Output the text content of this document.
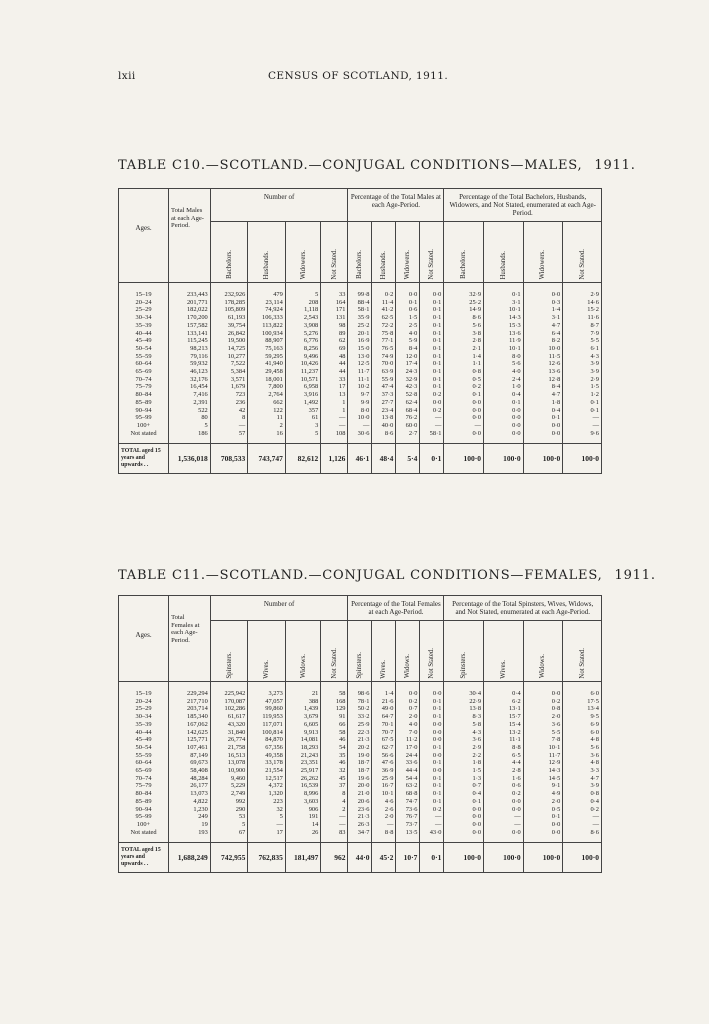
lxii	CENSUS OF SCOTLAND, 1911.
TABLE C10.—SCOTLAND.—CONJUGAL CONDITIONS—MALES, 1911.
Ages.	Total Males at each Age-Period.	Number of				Percentage of the Total Males at each Age-Period.				Percentage of the Total Bachelors, Husbands, Widowers, and Not Stated, enumerated at each Age-Period.			
		Bachelors.	Husbands.	Widowers.	Not Stated.	Bachelors.	Husbands.	Widowers.	Not Stated.	Bachelors.	Husbands.	Widowers.	Not Stated.
15–19	233,443	232,926	479	5	33	99·8	0·2	0·0	0·0	32·9	0·1	0·0	2·9
20–24	201,771	178,285	23,114	208	164	88·4	11·4	0·1	0·1	25·2	3·1	0·3	14·6
25–29	182,022	105,809	74,924	1,118	171	58·1	41·2	0·6	0·1	14·9	10·1	1·4	15·2
30–34	170,200	61,193	106,333	2,543	131	35·9	62·5	1·5	0·1	8·6	14·3	3·1	11·6
35–39	157,582	39,754	113,822	3,908	98	25·2	72·2	2·5	0·1	5·6	15·3	4·7	8·7
40–44	133,141	26,842	100,934	5,276	89	20·1	75·8	4·0	0·1	3·8	13·6	6·4	7·9
45–49	115,245	19,500	88,907	6,776	62	16·9	77·1	5·9	0·1	2·8	11·9	8·2	5·5
50–54	98,213	14,725	75,163	8,256	69	15·0	76·5	8·4	0·1	2·1	10·1	10·0	6·1
55–59	79,116	10,277	59,295	9,496	48	13·0	74·9	12·0	0·1	1·4	8·0	11·5	4·3
60–64	59,932	7,522	41,940	10,426	44	12·5	70·0	17·4	0·1	1·1	5·6	12·6	3·9
65–69	46,123	5,384	29,458	11,237	44	11·7	63·9	24·3	0·1	0·8	4·0	13·6	3·9
70–74	32,176	3,571	18,001	10,571	33	11·1	55·9	32·9	0·1	0·5	2·4	12·8	2·9
75–79	16,454	1,679	7,800	6,958	17	10·2	47·4	42·3	0·1	0·2	1·0	8·4	1·5
80–84	7,416	723	2,764	3,916	13	9·7	37·3	52·8	0·2	0·1	0·4	4·7	1·2
85–89	2,391	236	662	1,492	1	9·9	27·7	62·4	0·0	0·0	0·1	1·8	0·1
90–94	522	42	122	357	1	8·0	23·4	68·4	0·2	0·0	0·0	0·4	0·1
95–99	80	8	11	61	—	10·0	13·8	76·2	—	0·0	0·0	0·1	—
100+	5	—	2	3	—	—	40·0	60·0	—	—	0·0	0·0	—
Not stated	186	57	16	5	108	30·6	8·6	2·7	58·1	0·0	0·0	0·0	9·6
TOTAL aged 15 years and upwards . .	1,536,018	708,533	743,747	82,612	1,126	46·1	48·4	5·4	0·1	100·0	100·0	100·0	100·0
TABLE C11.—SCOTLAND.—CONJUGAL CONDITIONS—FEMALES, 1911.
Ages.	Total Females at each Age-Period.	Number of				Percentage of the Total Females at each Age-Period.				Percentage of the Total Spinsters, Wives, Widows, and Not Stated, enumerated at each Age-Period.			
		Spinsters.	Wives.	Widows.	Not Stated.	Spinsters.	Wives.	Widows.	Not Stated.	Spinsters.	Wives.	Widows.	Not Stated.
15–19	229,294	225,942	3,273	21	58	98·6	1·4	0·0	0·0	30·4	0·4	0·0	6·0
20–24	217,710	170,087	47,057	388	168	78·1	21·6	0·2	0·1	22·9	6·2	0·2	17·5
25–29	203,714	102,286	99,860	1,439	129	50·2	49·0	0·7	0·1	13·8	13·1	0·8	13·4
30–34	185,340	61,617	119,953	3,679	91	33·2	64·7	2·0	0·1	8·3	15·7	2·0	9·5
35–39	167,062	43,320	117,071	6,605	66	25·9	70·1	4·0	0·0	5·8	15·4	3·6	6·9
40–44	142,625	31,840	100,814	9,913	58	22·3	70·7	7·0	0·0	4·3	13·2	5·5	6·0
45–49	125,771	26,774	84,870	14,081	46	21·3	67·5	11·2	0·0	3·6	11·1	7·8	4·8
50–54	107,461	21,758	67,356	18,293	54	20·2	62·7	17·0	0·1	2·9	8·8	10·1	5·6
55–59	87,149	16,513	49,358	21,243	35	19·0	56·6	24·4	0·0	2·2	6·5	11·7	3·6
60–64	69,673	13,078	33,178	23,351	46	18·7	47·6	33·6	0·1	1·8	4·4	12·9	4·8
65–69	58,408	10,900	21,554	25,917	32	18·7	36·9	44·4	0·0	1·5	2·8	14·3	3·3
70–74	48,284	9,460	12,517	26,262	45	19·6	25·9	54·4	0·1	1·3	1·6	14·5	4·7
75–79	26,177	5,229	4,372	16,539	37	20·0	16·7	63·2	0·1	0·7	0·6	9·1	3·9
80–84	13,073	2,749	1,320	8,996	8	21·0	10·1	68·8	0·1	0·4	0·2	4·9	0·8
85–89	4,822	992	223	3,603	4	20·6	4·6	74·7	0·1	0·1	0·0	2·0	0·4
90–94	1,230	290	32	906	2	23·6	2·6	73·6	0·2	0·0	0·0	0·5	0·2
95–99	249	53	5	191	—	21·3	2·0	76·7	—	0·0	—	0·1	—
100+	19	5	—	14	—	26·3	—	73·7	—	0·0	—	0·0	—
Not stated	193	67	17	26	83	34·7	8·8	13·5	43·0	0·0	0·0	0·0	8·6
TOTAL aged 15 years and upwards . .	1,688,249	742,955	762,835	181,497	962	44·0	45·2	10·7	0·1	100·0	100·0	100·0	100·0
